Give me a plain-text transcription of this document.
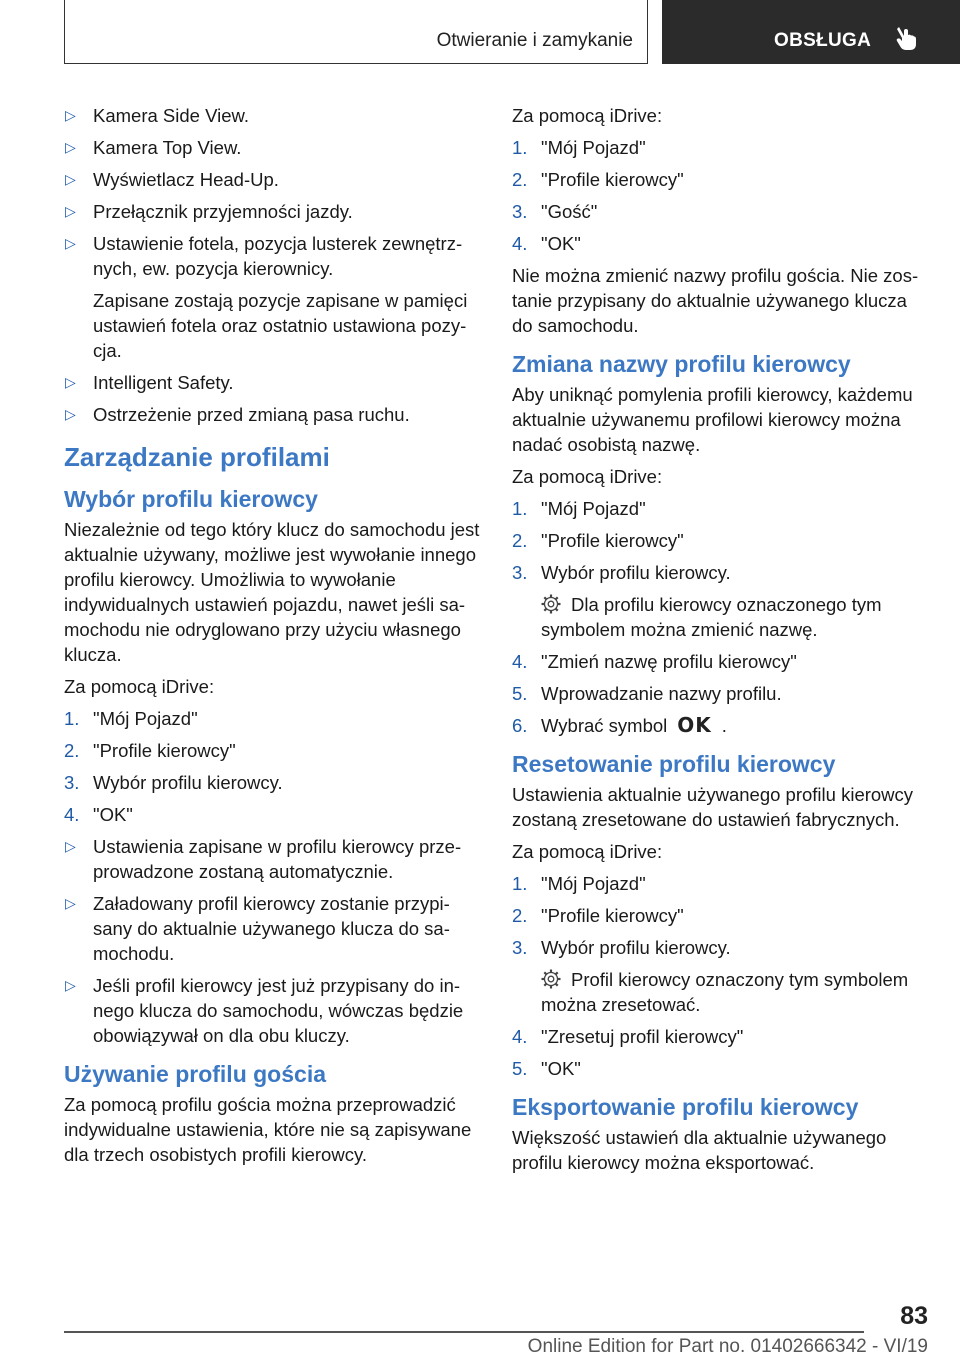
Otwieranie i zamykanie	OBSŁUGA
▷ Kamera Side View.
▷ Kamera Top View.
▷ Wyświetlacz Head-Up.
▷ Przełącznik przyjemności jazdy.
▷ Ustawienie fotela, pozycja lusterek zewnętrznych, ew. pozycja kierownicy.
Zapisane zostają pozycje zapisane w pamięci ustawień fotela oraz ostatnio ustawiona pozycja.
▷ Intelligent Safety.
▷ Ostrzeżenie przed zmianą pasa ruchu.
Zarządzanie profilami
Wybór profilu kierowcy

Niezależnie od tego który klucz do samochodu jest aktualnie używany, możliwe jest wywołanie innego profilu kierowcy. Umożliwia to wywołanie indywidualnych ustawień pojazdu, nawet jeśli samochodu nie odryglowano przy użyciu własnego klucza.

Za pomocą iDrive:

1. "Mój Pojazd"
2. "Profile kierowcy"
3. Wybór profilu kierowcy.
4. "OK"
▷ Ustawienia zapisane w profilu kierowcy przeprowadzone zostaną automatycznie.
▷ Załadowany profil kierowcy zostanie przypisany do aktualnie używanego klucza do samochodu.
▷ Jeśli profil kierowcy jest już przypisany do innego klucza do samochodu, wówczas będzie obowiązywał on dla obu kluczy.
Używanie profilu gościa

Za pomocą profilu gościa można przeprowadzić indywidualne ustawienia, które nie są zapisywane dla trzech osobistych profili kierowcy.

Za pomocą iDrive:

1. "Mój Pojazd"
2. "Profile kierowcy"
3. "Gość"
4. "OK"

Nie można zmienić nazwy profilu gościa. Nie zostanie przypisany do aktualnie używanego klucza do samochodu.

Zmiana nazwy profilu kierowcy

Aby uniknąć pomylenia profili kierowcy, każdemu aktualnie używanemu profilowi kierowcy można nadać osobistą nazwę.

Za pomocą iDrive:

1. "Mój Pojazd"
2. "Profile kierowcy"
3. Wybór profilu kierowcy.
Dla profilu kierowcy oznaczonego tym symbolem można zmienić nazwę.
4. "Zmień nazwę profilu kierowcy"
5. Wprowadzanie nazwy profilu.
6. Wybrać symbol OK .
Resetowanie profilu kierowcy

Ustawienia aktualnie używanego profilu kierowcy zostaną zresetowane do ustawień fabrycznych.

Za pomocą iDrive:

1. "Mój Pojazd"
2. "Profile kierowcy"
3. Wybór profilu kierowcy.
Profil kierowcy oznaczony tym symbolem można zresetować.
4. "Zresetuj profil kierowcy"
5. "OK"
Eksportowanie profilu kierowcy

Większość ustawień dla aktualnie używanego profilu kierowcy można eksportować.

83
Online Edition for Part no. 01402666342 - VI/19
